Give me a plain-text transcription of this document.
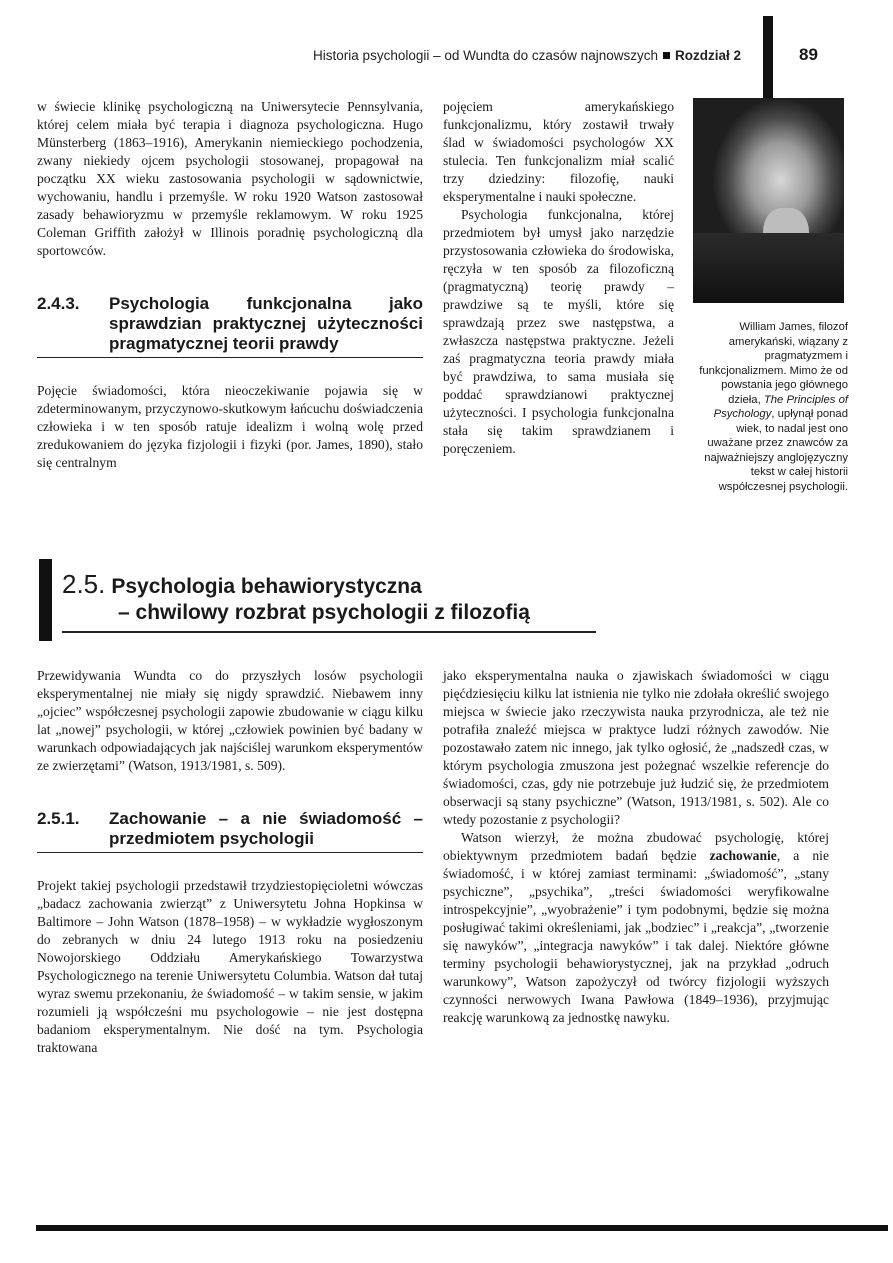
Historia psychologii – od Wundta do czasów najnowszych Rozdział 2	89

w świecie klinikę psychologiczną na Uniwersytecie Pennsylvania, której celem miała być terapia i diagnoza psychologiczna. Hugo Münsterberg (1863–1916), Amerykanin niemieckiego pochodzenia, zwany niekiedy ojcem psychologii stosowanej, propagował na początku XX wieku zastosowania psychologii w sądownictwie, wychowaniu, handlu i przemyśle. W roku 1920 Watson zastosował zasady behawioryzmu w przemyśle reklamowym. W roku 1925 Coleman Griffith założył w Illinois poradnię psychologiczną dla sportowców.

2.4.3.	Psychologia funkcjonalna jako sprawdzian praktycznej użyteczności pragmatycznej teorii prawdy

Pojęcie świadomości, która nieoczekiwanie pojawia się w zdeterminowanym, przyczynowo-skutkowym łańcuchu doświadczenia człowieka i w ten sposób ratuje idealizm i wolną wolę przed zredukowaniem do języka fizjologii i fizyki (por. James, 1890), stało się centralnym

pojęciem amerykańskiego funkcjonalizmu, który zostawił trwały ślad w świadomości psychologów XX stulecia. Ten funkcjonalizm miał scalić trzy dziedziny: filozofię, nauki eksperymentalne i nauki społeczne.

Psychologia funkcjonalna, której przedmiotem był umysł jako narzędzie przystosowania człowieka do środowiska, ręczyła w ten sposób za filozoficzną (pragmatyczną) teorię prawdy – prawdziwe są te myśli, które się sprawdzają przez swe następstwa, a zwłaszcza następstwa praktyczne. Jeżeli zaś pragmatyczna teoria prawdy miała być prawdziwa, to sama musiała się poddać sprawdzianowi praktycznej użyteczności. I psychologia funkcjonalna stała się takim sprawdzianem i poręczeniem.

William James, filozof amerykański, wiązany z pragmatyzmem i funkcjonalizmem. Mimo że od powstania jego głównego dzieła, The Principles of Psychology, upłynął ponad wiek, to nadal jest ono uważane przez znawców za najważniejszy anglojęzyczny tekst w całej historii współczesnej psychologii.
2.5. Psychologia behawiorystyczna
– chwilowy rozbrat psychologii z filozofią

Przewidywania Wundta co do przyszłych losów psychologii eksperymentalnej nie miały się nigdy sprawdzić. Niebawem inny „ojciec” współczesnej psychologii zapowie zbudowanie w ciągu kilku lat „nowej” psychologii, w której „człowiek powinien być badany w warunkach odpowiadających jak najściślej warunkom eksperymentów ze zwierzętami” (Watson, 1913/1981, s. 509).

2.5.1.	Zachowanie – a nie świadomość – przedmiotem psychologii

Projekt takiej psychologii przedstawił trzydziestopięcioletni wówczas „badacz zachowania zwierząt” z Uniwersytetu Johna Hopkinsa w Baltimore – John Watson (1878–1958) – w wykładzie wygłoszonym do zebranych w dniu 24 lutego 1913 roku na posiedzeniu Nowojorskiego Oddziału Amerykańskiego Towarzystwa Psychologicznego na terenie Uniwersytetu Columbia. Watson dał tutaj wyraz swemu przekonaniu, że świadomość – w takim sensie, w jakim rozumieli ją współcześni mu psychologowie – nie jest dostępna badaniom eksperymentalnym. Nie dość na tym. Psychologia traktowana

jako eksperymentalna nauka o zjawiskach świadomości w ciągu pięćdziesięciu kilku lat istnienia nie tylko nie zdołała określić swojego miejsca w świecie jako rzeczywista nauka przyrodnicza, ale też nie potrafiła znaleźć miejsca w praktyce ludzi różnych zawodów. Nie pozostawało zatem nic innego, jak tylko ogłosić, że „nadszedł czas, w którym psychologia zmuszona jest pożegnać wszelkie referencje do świadomości, czas, gdy nie potrzebuje już łudzić się, że przedmiotem obserwacji są stany psychiczne” (Watson, 1913/1981, s. 502). Ale co wtedy pozostanie z psychologii?

Watson wierzył, że można zbudować psychologię, której obiektywnym przedmiotem badań będzie zachowanie, a nie świadomość, i w której zamiast terminami: „świadomość”, „stany psychiczne”, „psychika”, „treści świadomości weryfikowalne introspekcyjnie”, „wyobrażenie” i tym podobnymi, będzie się można posługiwać takimi określeniami, jak „bodziec” i „reakcja”, „tworzenie się nawyków”, „integracja nawyków” i tak dalej. Niektóre główne terminy psychologii behawiorystycznej, jak na przykład „odruch warunkowy”, Watson zapożyczył od twórcy fizjologii wyższych czynności nerwowych Iwana Pawłowa (1849–1936), przyjmując reakcję warunkową za jednostkę nawyku.
